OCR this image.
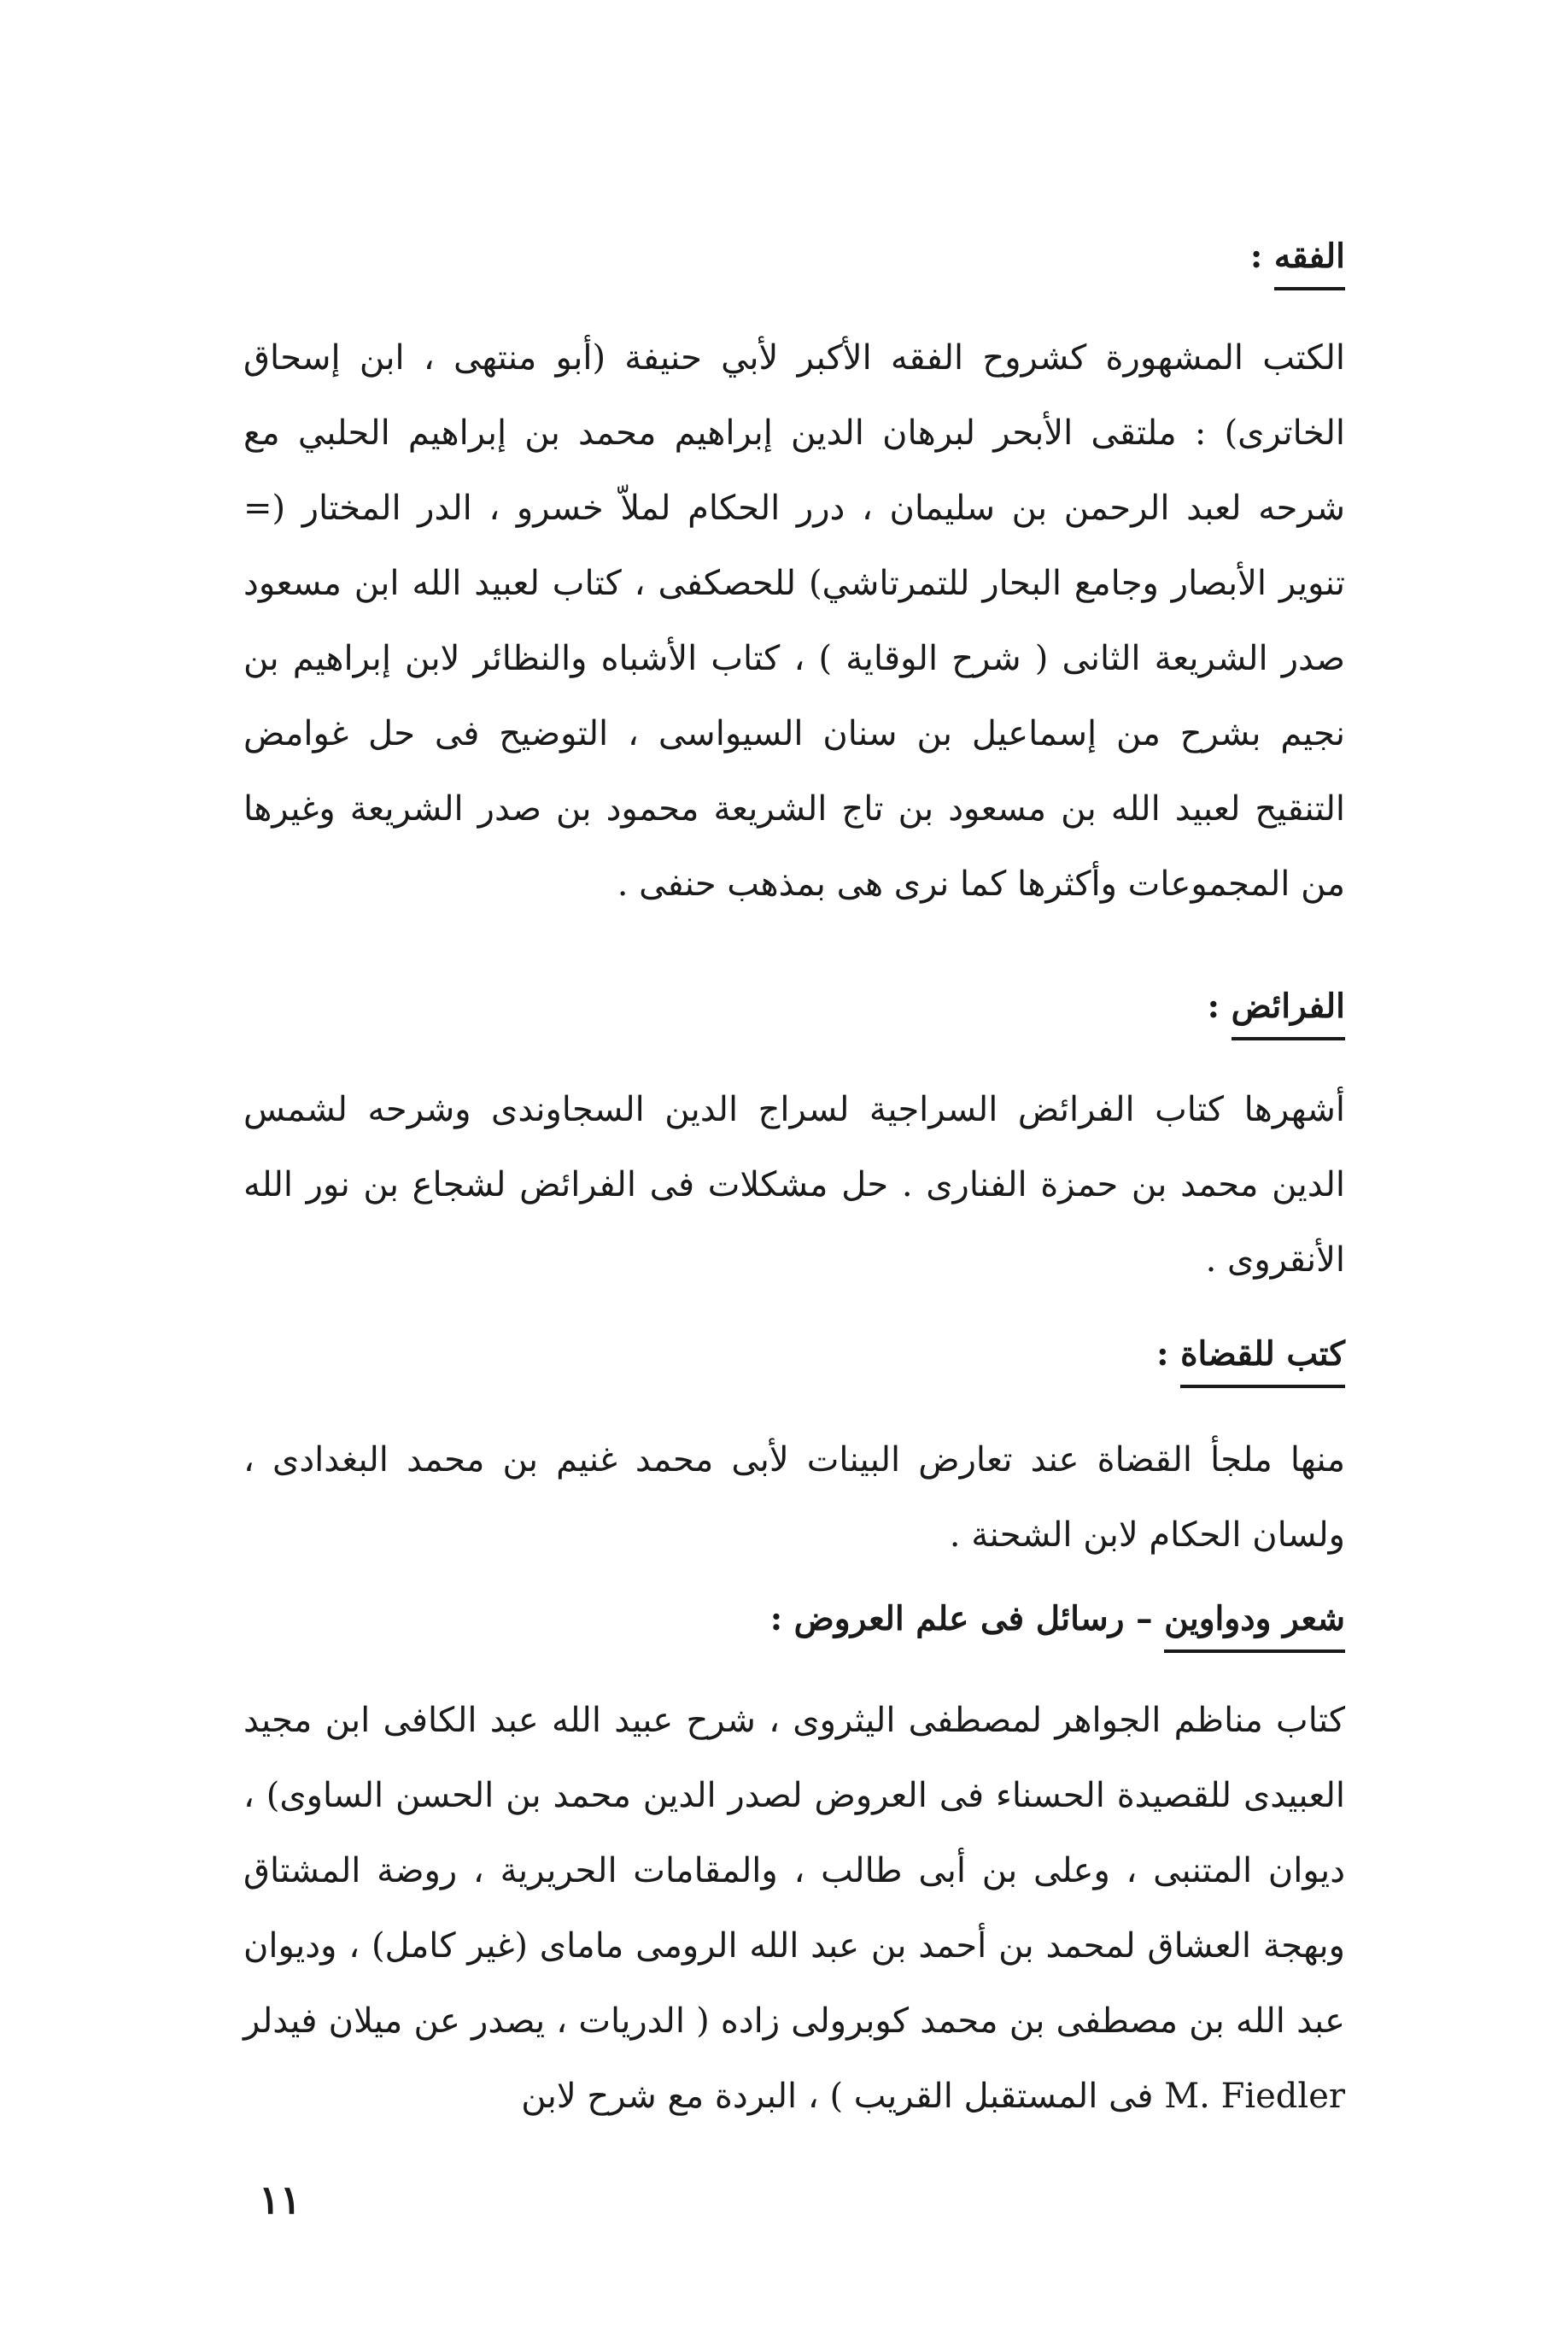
الفقه :
الكتب المشهورة كشروح الفقه الأكبر لأبي حنيفة (أبو منتهى ، ابن إسحاق الخاترى) : ملتقى الأبحر لبرهان الدين إبراهيم محمد بن إبراهيم الحلبي مع شرحه لعبد الرحمن بن سليمان ، درر الحكام لملاّ خسرو ، الدر المختار (= تنوير الأبصار وجامع البحار للتمرتاشي) للحصكفى ، كتاب لعبيد الله ابن مسعود صدر الشريعة الثانى ( شرح الوقاية ) ، كتاب الأشباه والنظائر لابن إبراهيم بن نجيم بشرح من إسماعيل بن سنان السيواسى ، التوضيح فى حل غوامض التنقيح لعبيد الله بن مسعود بن تاج الشريعة محمود بن صدر الشريعة وغيرها من المجموعات وأكثرها كما نرى هى بمذهب حنفى .
الفرائض :
أشهرها كتاب الفرائض السراجية لسراج الدين السجاوندى وشرحه لشمس الدين محمد بن حمزة الفنارى . حل مشكلات فى الفرائض لشجاع بن نور الله الأنقروى .
كتب للقضاة :
منها ملجأ القضاة عند تعارض البينات لأبى محمد غنيم بن محمد البغدادى ، ولسان الحكام لابن الشحنة .
شعر ودواوين – رسائل فى علم العروض :
كتاب مناظم الجواهر لمصطفى اليثروى ، شرح عبيد الله عبد الكافى ابن مجيد العبيدى للقصيدة الحسناء فى العروض لصدر الدين محمد بن الحسن الساوى) ، ديوان المتنبى ، وعلى بن أبى طالب ، والمقامات الحريرية ، روضة المشتاق وبهجة العشاق لمحمد بن أحمد بن عبد الله الرومى ماماى (غير كامل) ، وديوان عبد الله بن مصطفى بن محمد كوبرولى زاده ( الدريات ، يصدر عن ميلان فيدلر M. Fiedler فى المستقبل القريب ) ، البردة مع شرح لابن
١١
